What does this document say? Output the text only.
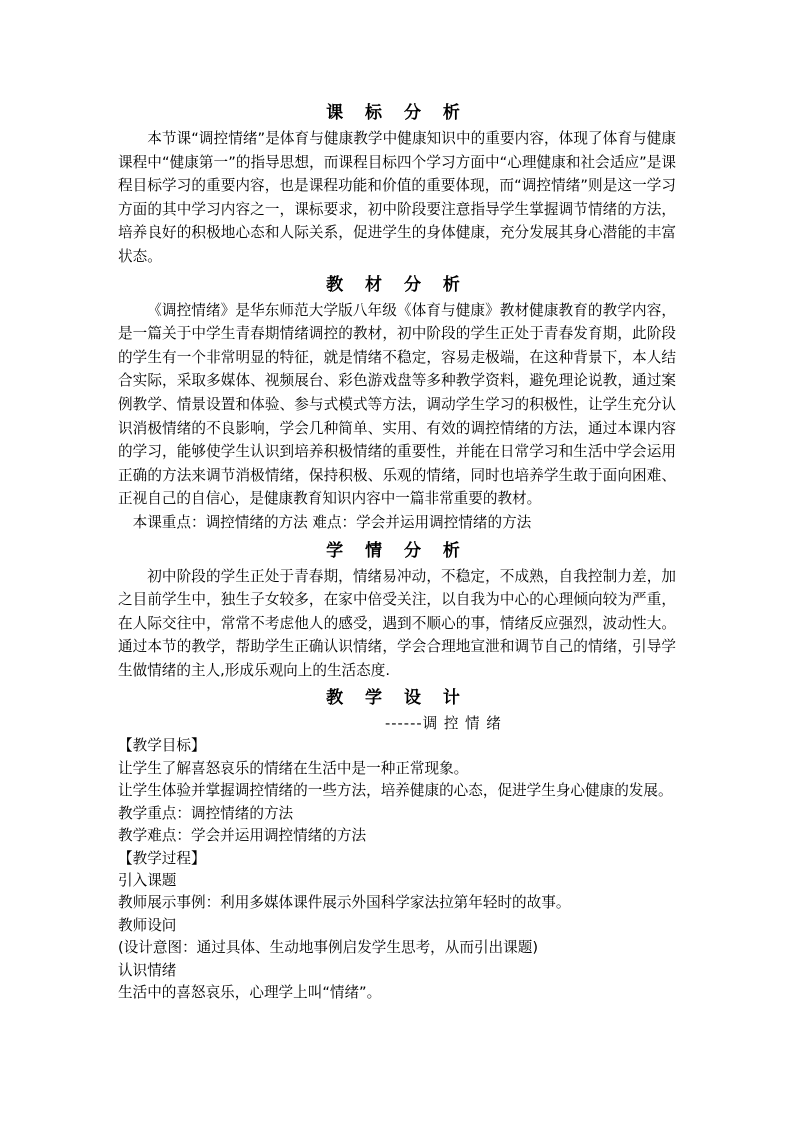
课 标 分 析

本节课“调控情绪”是体育与健康教学中健康知识中的重要内容，体现了体育与健康课程中“健康第一”的指导思想，而课程目标四个学习方面中“心理健康和社会适应”是课程目标学习的重要内容，也是课程功能和价值的重要体现，而“调控情绪”则是这一学习方面的其中学习内容之一，课标要求，初中阶段要注意指导学生掌握调节情绪的方法，培养良好的积极地心态和人际关系，促进学生的身体健康，充分发展其身心潜能的丰富状态。

教 材 分 析

《调控情绪》是华东师范大学版八年级《体育与健康》教材健康教育的教学内容，是一篇关于中学生青春期情绪调控的教材，初中阶段的学生正处于青春发育期，此阶段的学生有一个非常明显的特征，就是情绪不稳定，容易走极端，在这种背景下，本人结合实际，采取多媒体、视频展台、彩色游戏盘等多种教学资料，避免理论说教，通过案例教学、情景设置和体验、参与式模式等方法，调动学生学习的积极性，让学生充分认识消极情绪的不良影响，学会几种简单、实用、有效的调控情绪的方法，通过本课内容的学习，能够使学生认识到培养积极情绪的重要性，并能在日常学习和生活中学会运用正确的方法来调节消极情绪，保持积极、乐观的情绪，同时也培养学生敢于面向困难、正视自己的自信心，是健康教育知识内容中一篇非常重要的教材。

本课重点：调控情绪的方法 难点：学会并运用调控情绪的方法

学 情 分 析

初中阶段的学生正处于青春期，情绪易冲动，不稳定，不成熟，自我控制力差，加之目前学生中，独生子女较多，在家中倍受关注，以自我为中心的心理倾向较为严重，在人际交往中，常常不考虑他人的感受，遇到不顺心的事，情绪反应强烈，波动性大。通过本节的教学，帮助学生正确认识情绪，学会合理地宣泄和调节自己的情绪，引导学生做情绪的主人,形成乐观向上的生活态度.

教 学 设 计

------调 控 情 绪

【教学目标】

让学生了解喜怒哀乐的情绪在生活中是一种正常现象。

让学生体验并掌握调控情绪的一些方法，培养健康的心态，促进学生身心健康的发展。

教学重点：调控情绪的方法

教学难点：学会并运用调控情绪的方法

【教学过程】

引入课题

教师展示事例：利用多媒体课件展示外国科学家法拉第年轻时的故事。

教师设问

(设计意图：通过具体、生动地事例启发学生思考，从而引出课题)

认识情绪

生活中的喜怒哀乐，心理学上叫“情绪”。
